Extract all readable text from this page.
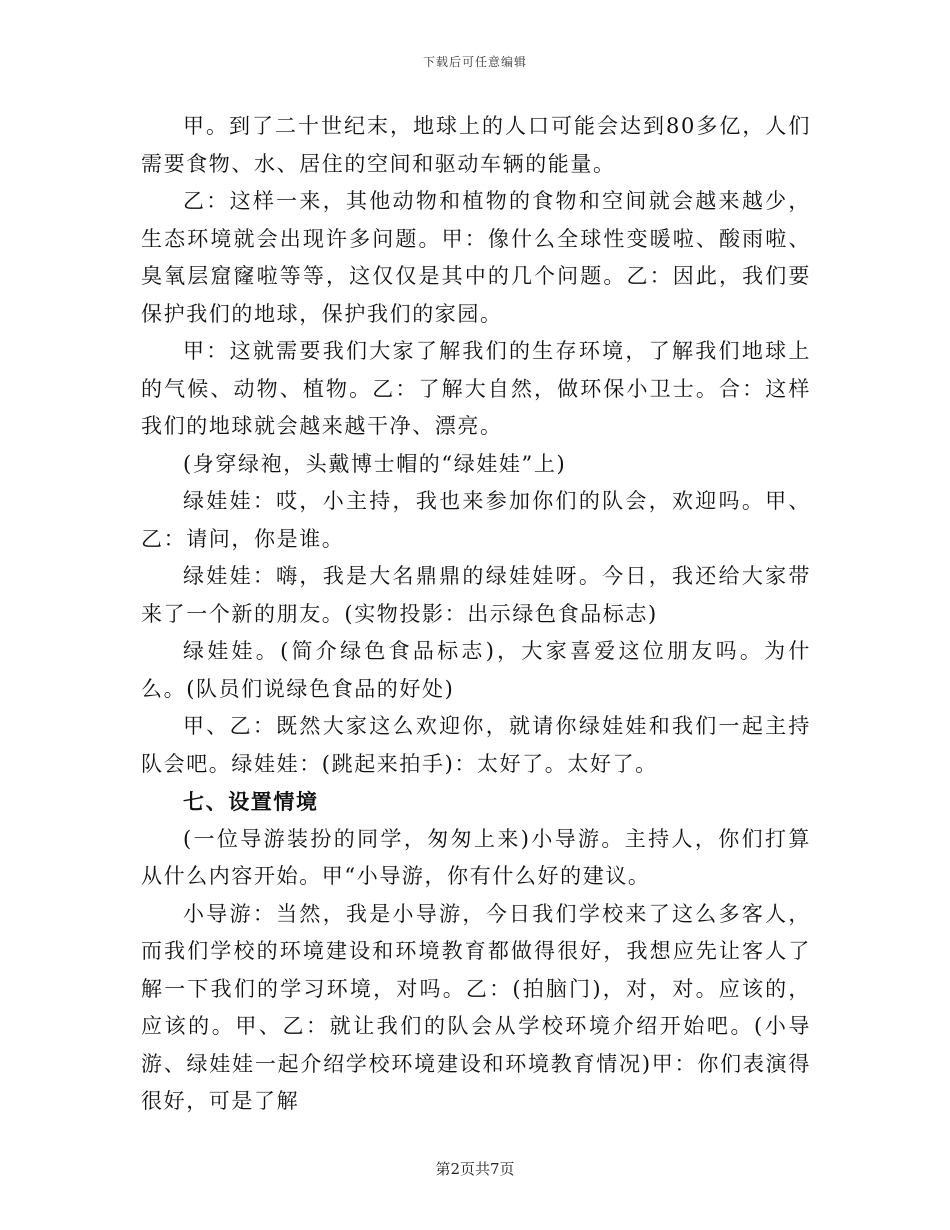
下载后可任意编辑

甲。到了二十世纪末，地球上的人口可能会达到80多亿，人们需要食物、水、居住的空间和驱动车辆的能量。

乙：这样一来，其他动物和植物的食物和空间就会越来越少，生态环境就会出现许多问题。甲：像什么全球性变暖啦、酸雨啦、臭氧层窟窿啦等等，这仅仅是其中的几个问题。乙：因此，我们要保护我们的地球，保护我们的家园。

甲：这就需要我们大家了解我们的生存环境，了解我们地球上的气候、动物、植物。乙：了解大自然，做环保小卫士。合：这样我们的地球就会越来越干净、漂亮。

(身穿绿袍，头戴博士帽的“绿娃娃”上)

绿娃娃：哎，小主持，我也来参加你们的队会，欢迎吗。甲、乙：请问，你是谁。

绿娃娃：嗨，我是大名鼎鼎的绿娃娃呀。今日，我还给大家带来了一个新的朋友。(实物投影：出示绿色食品标志)

绿娃娃。(简介绿色食品标志)，大家喜爱这位朋友吗。为什么。(队员们说绿色食品的好处)

甲、乙：既然大家这么欢迎你，就请你绿娃娃和我们一起主持队会吧。绿娃娃：(跳起来拍手)：太好了。太好了。

七、设置情境

(一位导游装扮的同学，匆匆上来)小导游。主持人，你们打算从什么内容开始。甲“小导游，你有什么好的建议。

小导游：当然，我是小导游，今日我们学校来了这么多客人，而我们学校的环境建设和环境教育都做得很好，我想应先让客人了解一下我们的学习环境，对吗。乙：(拍脑门)，对，对。应该的，应该的。甲、乙：就让我们的队会从学校环境介绍开始吧。(小导游、绿娃娃一起介绍学校环境建设和环境教育情况)甲：你们表演得很好，可是了解

第2页共7页
